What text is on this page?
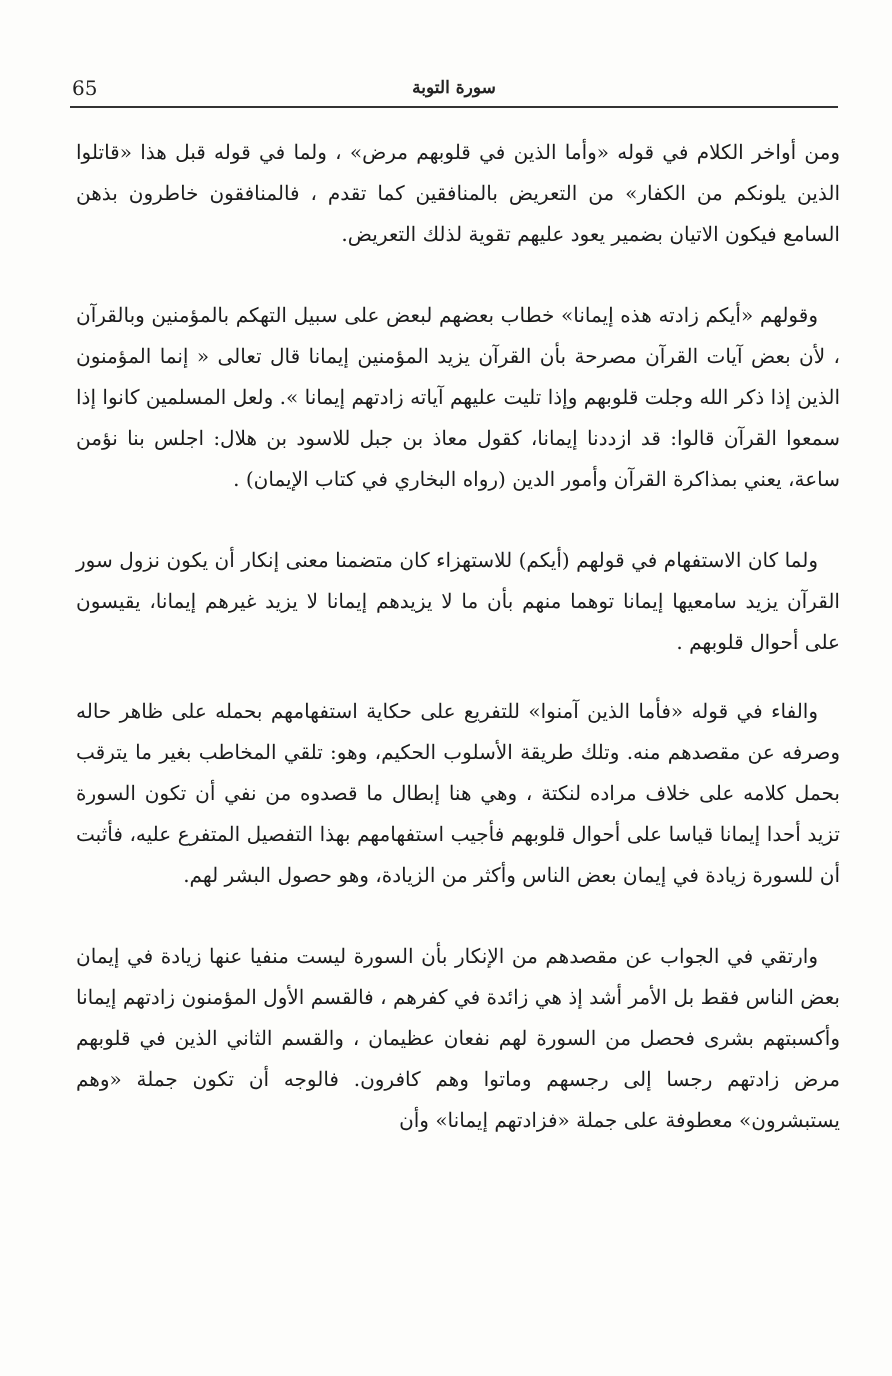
65	سورة التوبة

ومن أواخر الكلام في قوله «وأما الذين في قلوبهم مرض» ، ولما في قوله قبل هذا «قاتلوا الذين يلونكم من الكفار» من التعريض بالمنافقين كما تقدم ، فالمنافقون خاطرون بذهن السامع فيكون الاتيان بضمير يعود عليهم تقوية لذلك التعريض.

وقولهم «أيكم زادته هذه إيمانا» خطاب بعضهم لبعض على سبيل التهكم بالمؤمنين وبالقرآن ، لأن بعض آيات القرآن مصرحة بأن القرآن يزيد المؤمنين إيمانا قال تعالى « إنما المؤمنون الذين إذا ذكر الله وجلت قلوبهم وإذا تليت عليهم آياته زادتهم إيمانا ». ولعل المسلمين كانوا إذا سمعوا القرآن قالوا: قد ازددنا إيمانا، كقول معاذ بن جبل للاسود بن هلال: اجلس بنا نؤمن ساعة، يعني بمذاكرة القرآن وأمور الدين (رواه البخاري في كتاب الإيمان) .

ولما كان الاستفهام في قولهم (أيكم) للاستهزاء كان متضمنا معنى إنكار أن يكون نزول سور القرآن يزيد سامعيها إيمانا توهما منهم بأن ما لا يزيدهم إيمانا لا يزيد غيرهم إيمانا، يقيسون على أحوال قلوبهم .

والفاء في قوله «فأما الذين آمنوا» للتفريع على حكاية استفهامهم بحمله على ظاهر حاله وصرفه عن مقصدهم منه. وتلك طريقة الأسلوب الحكيم، وهو: تلقي المخاطب بغير ما يترقب بحمل كلامه على خلاف مراده لنكتة ، وهي هنا إبطال ما قصدوه من نفي أن تكون السورة تزيد أحدا إيمانا قياسا على أحوال قلوبهم فأجيب استفهامهم بهذا التفصيل المتفرع عليه، فأثبت أن للسورة زيادة في إيمان بعض الناس وأكثر من الزيادة، وهو حصول البشر لهم.

وارتقي في الجواب عن مقصدهم من الإنكار بأن السورة ليست منفيا عنها زيادة في إيمان بعض الناس فقط بل الأمر أشد إذ هي زائدة في كفرهم ، فالقسم الأول المؤمنون زادتهم إيمانا وأكسبتهم بشرى فحصل من السورة لهم نفعان عظيمان ، والقسم الثاني الذين في قلوبهم مرض زادتهم رجسا إلى رجسهم وماتوا وهم كافرون. فالوجه أن تكون جملة «وهم يستبشرون» معطوفة على جملة «فزادتهم إيمانا» وأن
